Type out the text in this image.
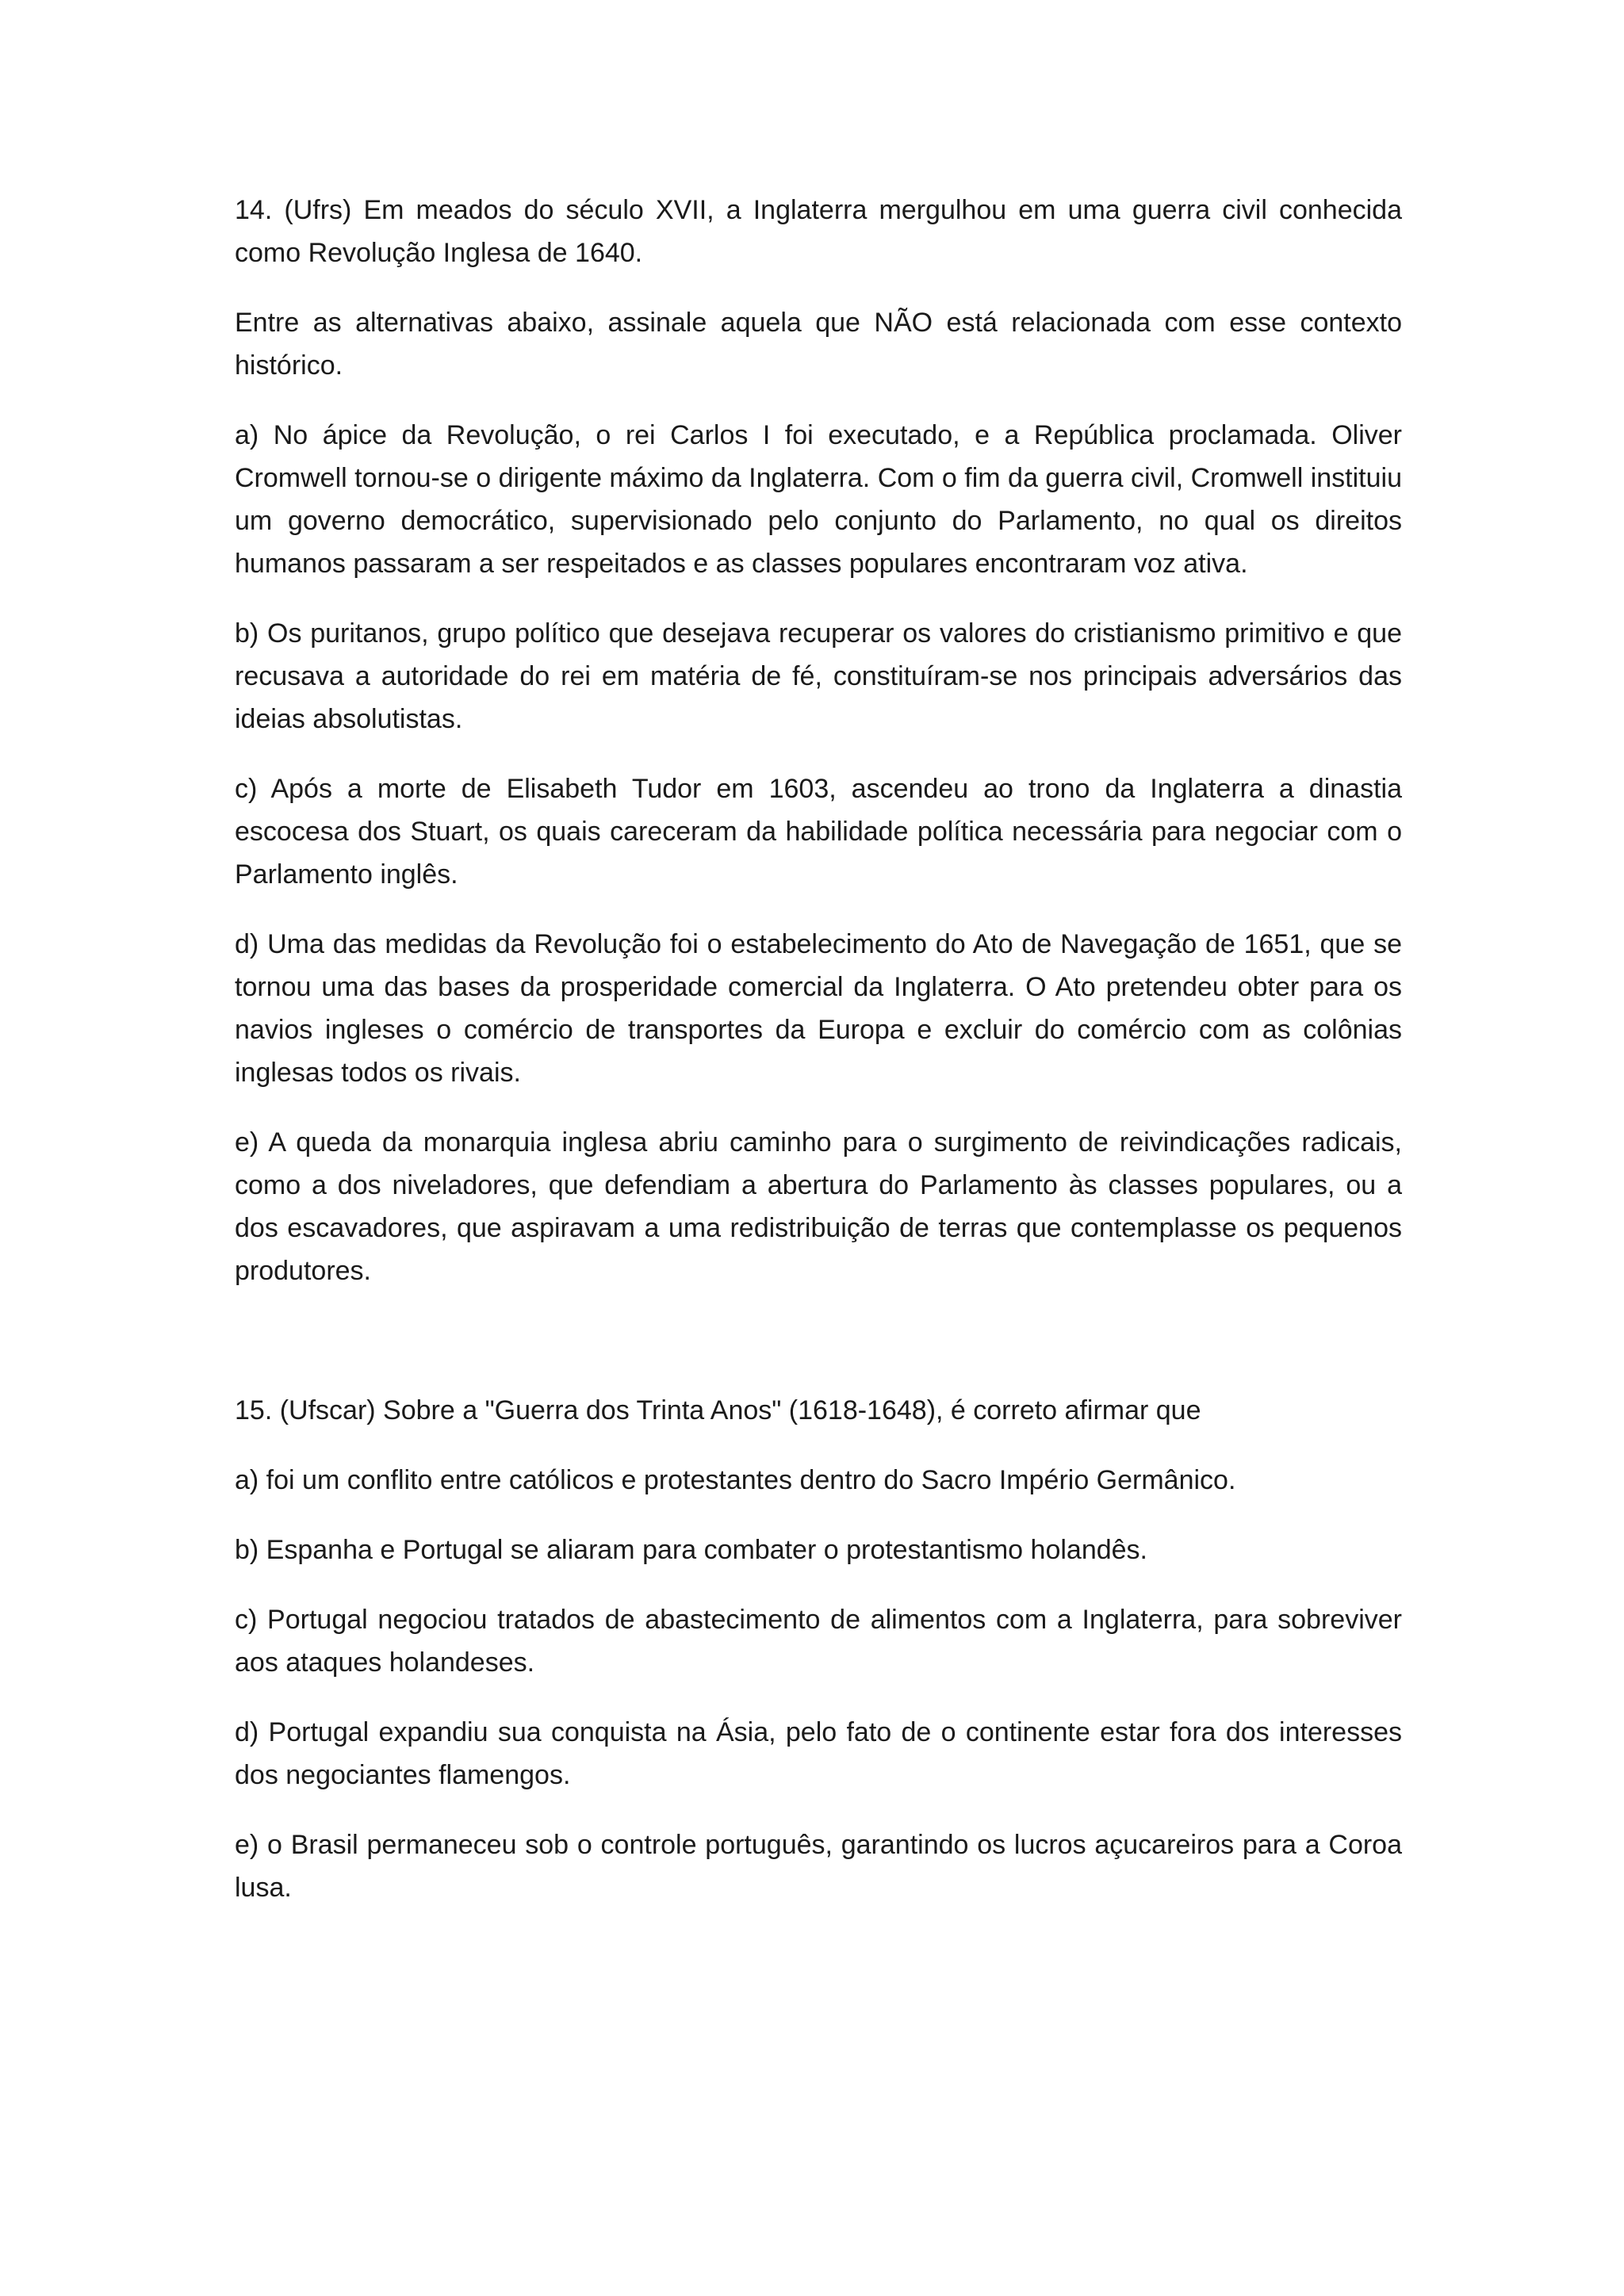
14. (Ufrs) Em meados do século XVII, a Inglaterra mergulhou em uma guerra civil conhecida como Revolução Inglesa de 1640.

Entre as alternativas abaixo, assinale aquela que NÃO está relacionada com esse contexto histórico.

a) No ápice da Revolução, o rei Carlos I foi executado, e a República proclamada. Oliver Cromwell tornou-se o dirigente máximo da Inglaterra. Com o fim da guerra civil, Cromwell instituiu um governo democrático, supervisionado pelo conjunto do Parlamento, no qual os direitos humanos passaram a ser respeitados e as classes populares encontraram voz ativa.

b) Os puritanos, grupo político que desejava recuperar os valores do cristianismo primitivo e que recusava a autoridade do rei em matéria de fé, constituíram-se nos principais adversários das ideias absolutistas.

c) Após a morte de Elisabeth Tudor em 1603, ascendeu ao trono da Inglaterra a dinastia escocesa dos Stuart, os quais careceram da habilidade política necessária para negociar com o Parlamento inglês.

d) Uma das medidas da Revolução foi o estabelecimento do Ato de Navegação de 1651, que se tornou uma das bases da prosperidade comercial da Inglaterra. O Ato pretendeu obter para os navios ingleses o comércio de transportes da Europa e excluir do comércio com as colônias inglesas todos os rivais.

e) A queda da monarquia inglesa abriu caminho para o surgimento de reivindicações radicais, como a dos niveladores, que defendiam a abertura do Parlamento às classes populares, ou a dos escavadores, que aspiravam a uma redistribuição de terras que contemplasse os pequenos produtores.

15. (Ufscar) Sobre a "Guerra dos Trinta Anos" (1618-1648), é correto afirmar que

a) foi um conflito entre católicos e protestantes dentro do Sacro Império Germânico.

b) Espanha e Portugal se aliaram para combater o protestantismo holandês.

c) Portugal negociou tratados de abastecimento de alimentos com a Inglaterra, para sobreviver aos ataques holandeses.

d) Portugal expandiu sua conquista na Ásia, pelo fato de o continente estar fora dos interesses dos negociantes flamengos.

e) o Brasil permaneceu sob o controle português, garantindo os lucros açucareiros para a Coroa lusa.
